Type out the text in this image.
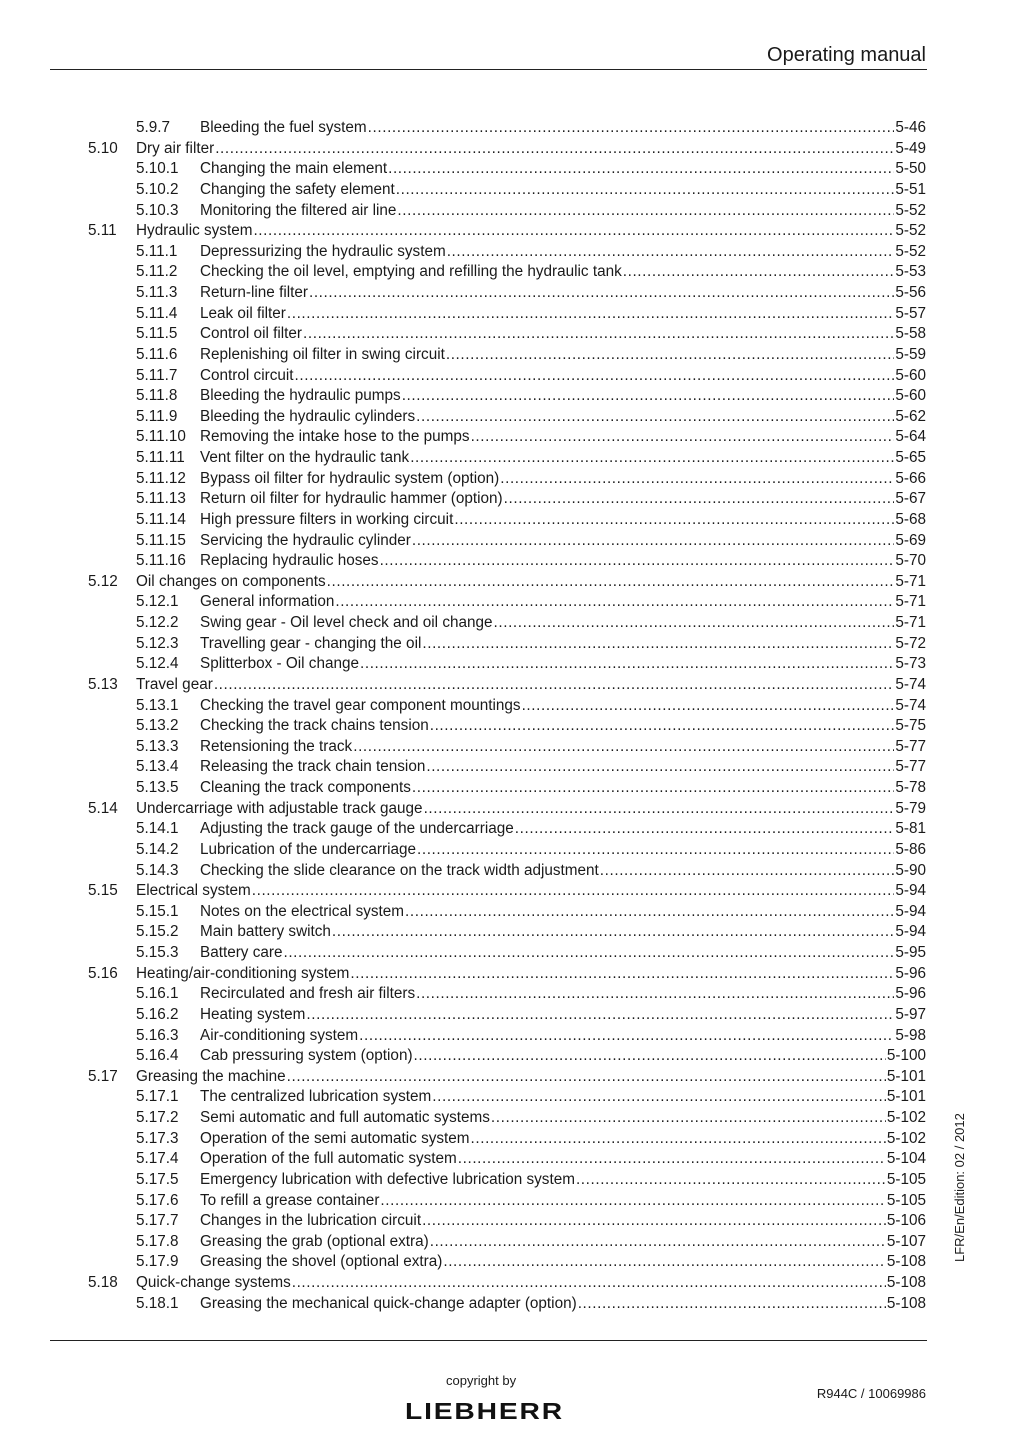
Operating manual
5.9.7 Bleeding the fuel system .....	5-46
5.10 Dry air filter .....	5-49
5.10.1 Changing the main element .....	5-50
5.10.2 Changing the safety element .....	5-51
5.10.3 Monitoring the filtered air line .....	5-52
5.11 Hydraulic system .....	5-52
5.11.1 Depressurizing the hydraulic system .....	5-52
5.11.2 Checking the oil level, emptying and refilling the hydraulic tank .....	5-53
5.11.3 Return-line filter .....	5-56
5.11.4 Leak oil filter .....	5-57
5.11.5 Control oil filter .....	5-58
5.11.6 Replenishing oil filter in swing circuit .....	5-59
5.11.7 Control circuit .....	5-60
5.11.8 Bleeding the hydraulic pumps .....	5-60
5.11.9 Bleeding the hydraulic cylinders .....	5-62
5.11.10 Removing the intake hose to the pumps .....	5-64
5.11.11 Vent filter on the hydraulic tank .....	5-65
5.11.12 Bypass oil filter for hydraulic system (option) .....	5-66
5.11.13 Return oil filter for hydraulic hammer (option) .....	5-67
5.11.14 High pressure filters in working circuit .....	5-68
5.11.15 Servicing the hydraulic cylinder .....	5-69
5.11.16 Replacing hydraulic hoses .....	5-70
5.12 Oil changes on components .....	5-71
5.12.1 General information .....	5-71
5.12.2 Swing gear - Oil level check and oil change .....	5-71
5.12.3 Travelling gear - changing the oil .....	5-72
5.12.4 Splitterbox - Oil change .....	5-73
5.13 Travel gear .....	5-74
5.13.1 Checking the travel gear component mountings .....	5-74
5.13.2 Checking the track chains tension .....	5-75
5.13.3 Retensioning the track .....	5-77
5.13.4 Releasing the track chain tension .....	5-77
5.13.5 Cleaning the track components .....	5-78
5.14 Undercarriage with adjustable track gauge .....	5-79
5.14.1 Adjusting the track gauge of the undercarriage .....	5-81
5.14.2 Lubrication of the undercarriage .....	5-86
5.14.3 Checking the slide clearance on the track width adjustment .....	5-90
5.15 Electrical system .....	5-94
5.15.1 Notes on the electrical system .....	5-94
5.15.2 Main battery switch .....	5-94
5.15.3 Battery care .....	5-95
5.16 Heating/air-conditioning system .....	5-96
5.16.1 Recirculated and fresh air filters .....	5-96
5.16.2 Heating system .....	5-97
5.16.3 Air-conditioning system .....	5-98
5.16.4 Cab pressuring system (option) .....	5-100
5.17 Greasing the machine .....	5-101
5.17.1 The centralized lubrication system .....	5-101
5.17.2 Semi automatic and full automatic systems .....	5-102
5.17.3 Operation of the semi automatic system .....	5-102
5.17.4 Operation of the full automatic system .....	5-104
5.17.5 Emergency lubrication with defective lubrication system .....	5-105
5.17.6 To refill a grease container .....	5-105
5.17.7 Changes in the lubrication circuit .....	5-106
5.17.8 Greasing the grab (optional extra) .....	5-107
5.17.9 Greasing the shovel (optional extra) .....	5-108
5.18 Quick-change systems .....	5-108
5.18.1 Greasing the mechanical quick-change adapter (option) .....	5-108
LFR/En/Edition: 02 / 2012
copyright by
LIEBHERR
R944C / 10069986
